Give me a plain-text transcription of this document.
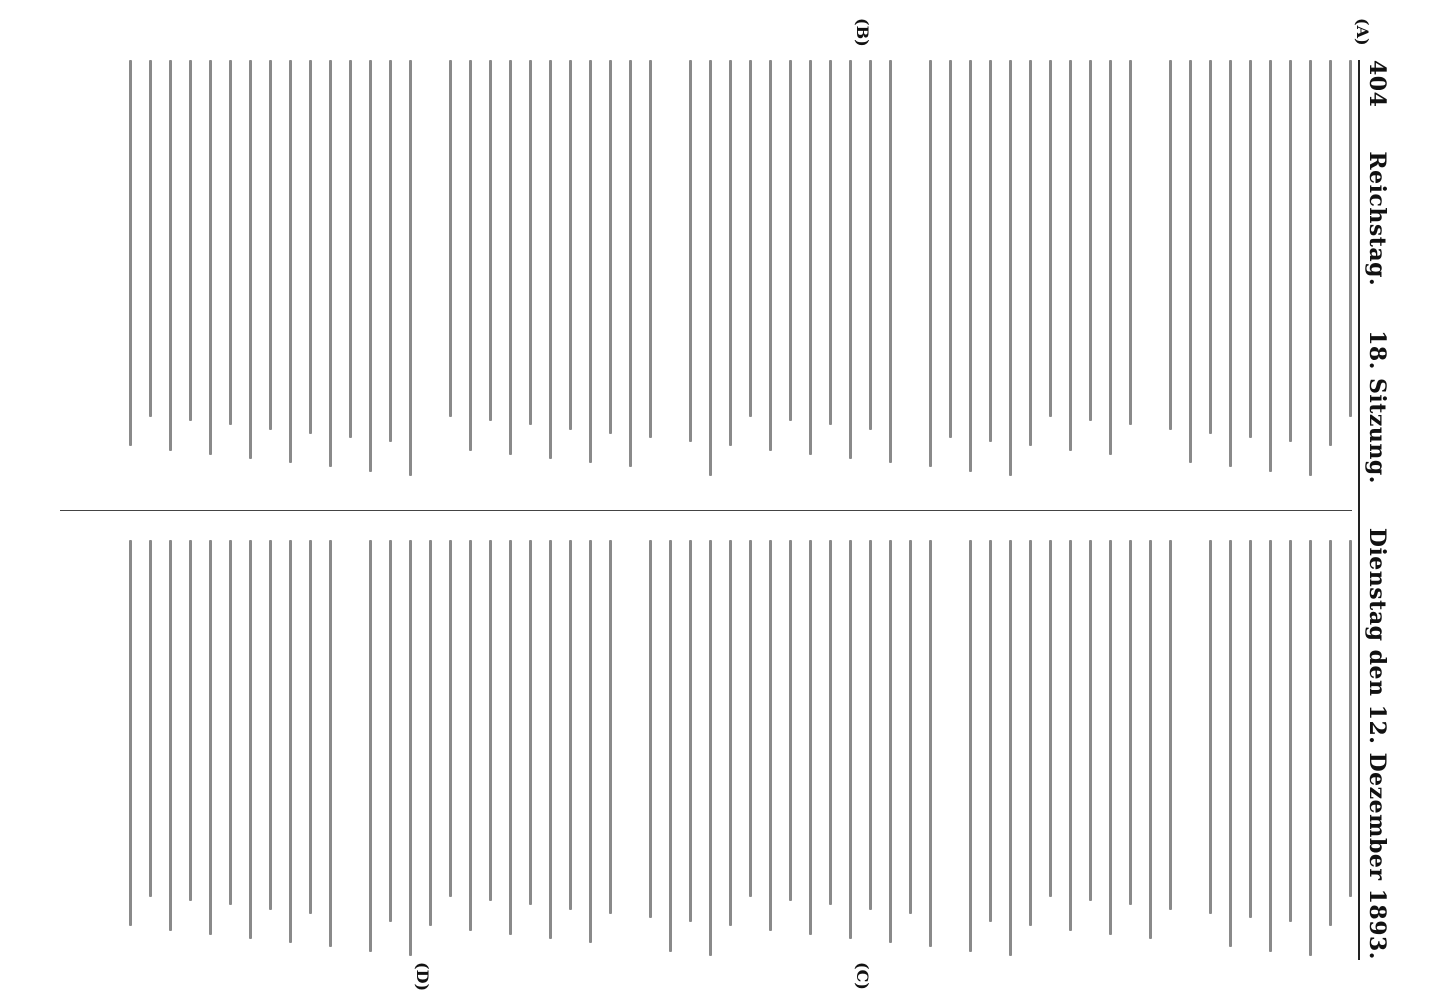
404
Reichstag.
18. Sitzung.
Dienstag den 12. Dezember 1893.
(A)
(B)
(C)
(D)
